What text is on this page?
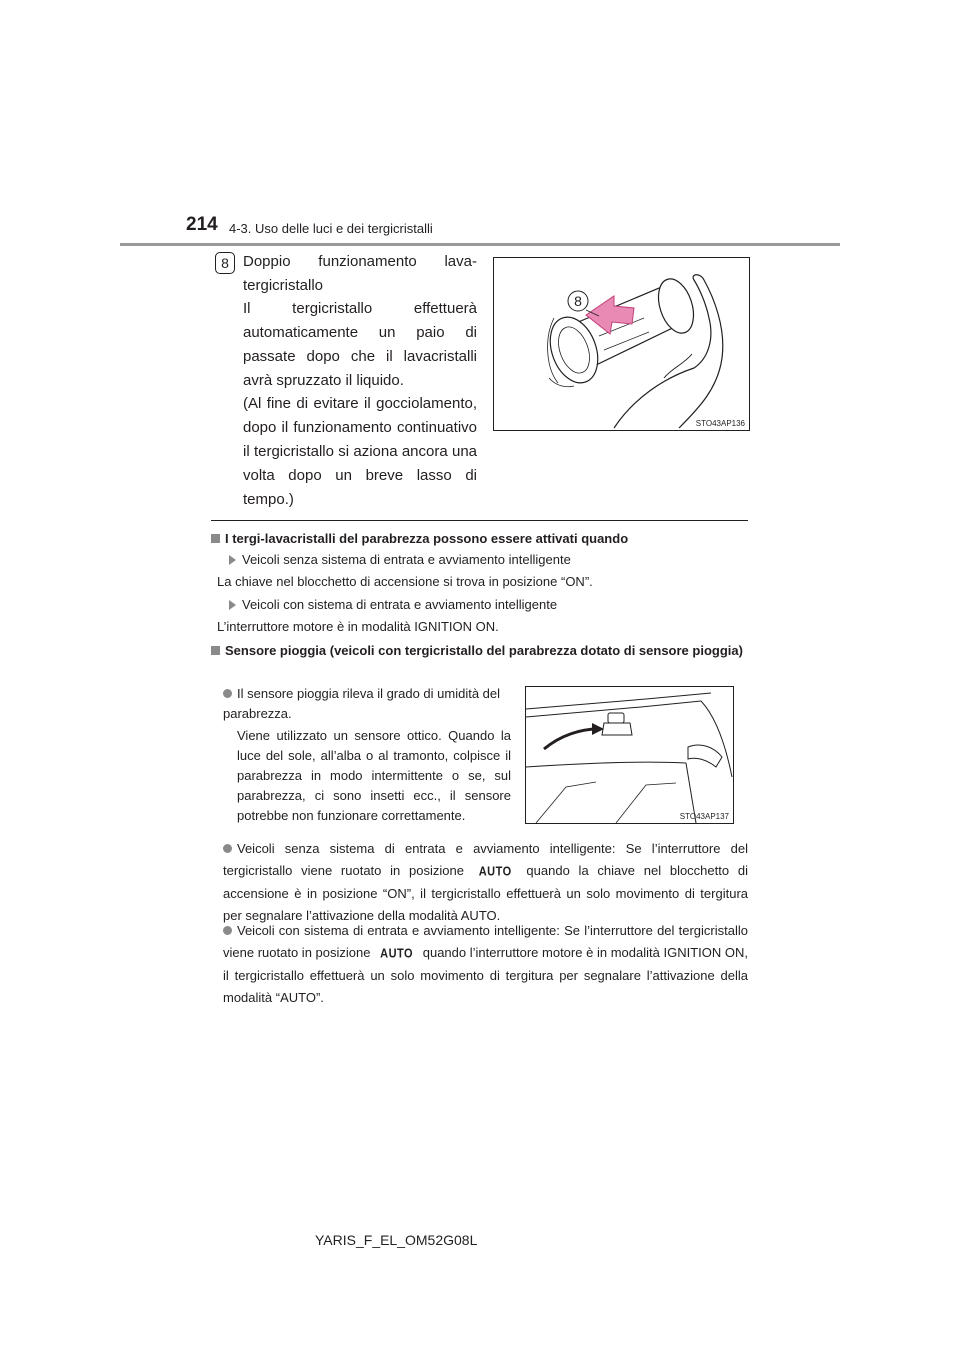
214 4-3. Uso delle luci e dei tergicristalli
8 Doppio funzionamento lava-
tergicristallo
Il tergicristallo effettuerà automaticamente un paio di passate dopo che il lavacristalli avrà spruzzato il liquido.
(Al fine di evitare il gocciolamento, dopo il funzionamento continuativo il tergicristallo si aziona ancora una volta dopo un breve lasso di tempo.)
8
STO43AP136
I tergi-lavacristalli del parabrezza possono essere attivati quando
Veicoli senza sistema di entrata e avviamento intelligente
La chiave nel blocchetto di accensione si trova in posizione “ON”.
Veicoli con sistema di entrata e avviamento intelligente
L’interruttore motore è in modalità IGNITION ON.
Sensore pioggia (veicoli con tergicristallo del parabrezza dotato di sensore pioggia)
Il sensore pioggia rileva il grado di umidità del parabrezza.
Viene utilizzato un sensore ottico. Quando la luce del sole, all’alba o al tramonto, colpisce il parabrezza in modo intermittente o se, sul parabrezza, ci sono insetti ecc., il sensore potrebbe non funzionare correttamente.	STO43AP137
Veicoli senza sistema di entrata e avviamento intelligente: Se l’interruttore del tergicristallo viene ruotato in posizione AUTO quando la chiave nel blocchetto di accensione è in posizione “ON”, il tergicristallo effettuerà un solo movimento di tergitura per segnalare l’attivazione della modalità AUTO.
Veicoli con sistema di entrata e avviamento intelligente: Se l’interruttore del tergicristallo viene ruotato in posizione AUTO quando l’interruttore motore è in modalità IGNITION ON, il tergicristallo effettuerà un solo movimento di tergitura per segnalare l’attivazione della modalità “AUTO”.
YARIS_F_EL_OM52G08L
